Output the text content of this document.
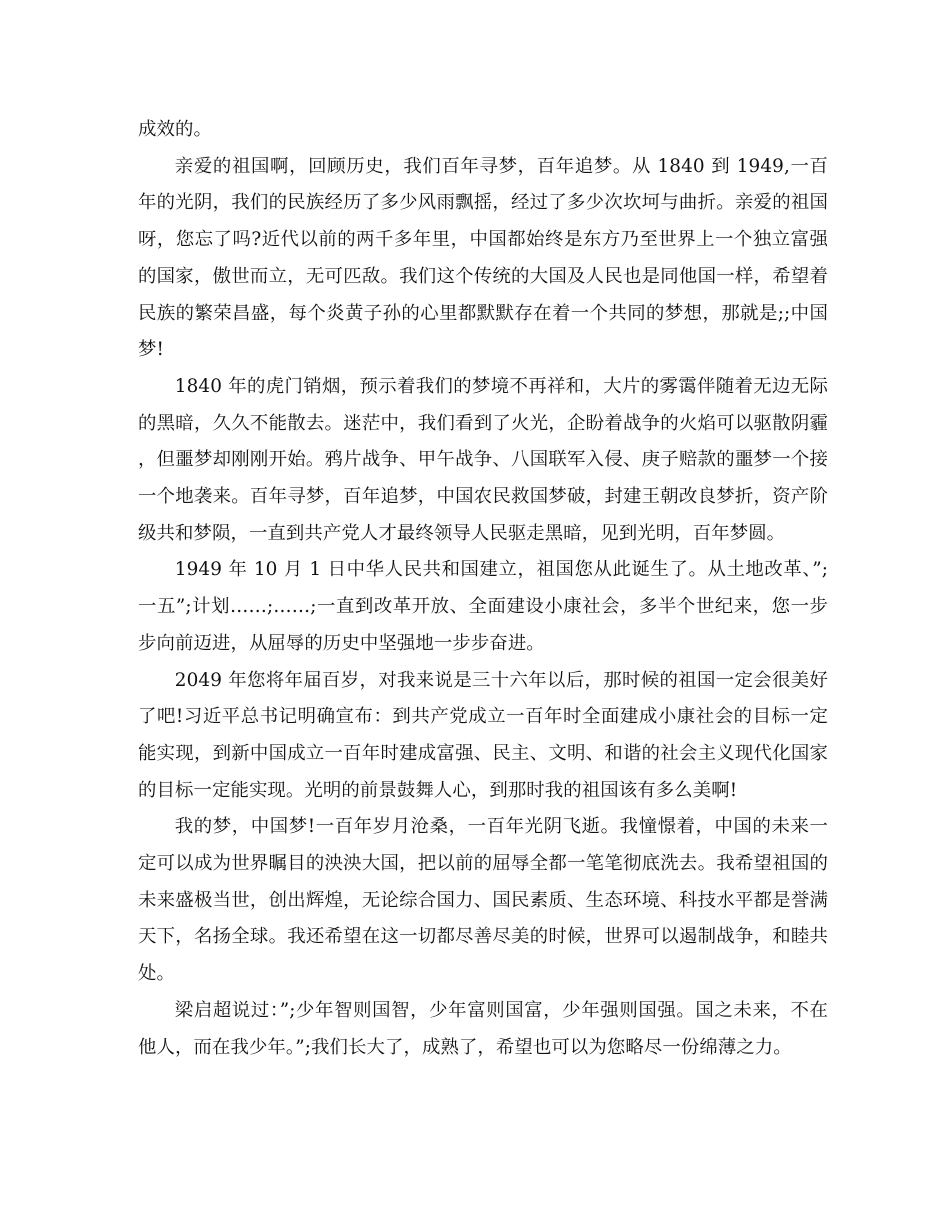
成效的。

亲爱的祖国啊，回顾历史，我们百年寻梦，百年追梦。从 1840 到 1949,一百年的光阴，我们的民族经历了多少风雨飘摇，经过了多少次坎坷与曲折。亲爱的祖国呀，您忘了吗?近代以前的两千多年里，中国都始终是东方乃至世界上一个独立富强的国家，傲世而立，无可匹敌。我们这个传统的大国及人民也是同他国一样，希望着民族的繁荣昌盛，每个炎黄子孙的心里都默默存在着一个共同的梦想，那就是;;中国梦!

1840 年的虎门销烟，预示着我们的梦境不再祥和，大片的雾霭伴随着无边无际的黑暗，久久不能散去。迷茫中，我们看到了火光，企盼着战争的火焰可以驱散阴霾，但噩梦却刚刚开始。鸦片战争、甲午战争、八国联军入侵、庚子赔款的噩梦一个接一个地袭来。百年寻梦，百年追梦，中国农民救国梦破，封建王朝改良梦折，资产阶级共和梦陨，一直到共产党人才最终领导人民驱走黑暗，见到光明，百年梦圆。

1949 年 10 月 1 日中华人民共和国建立，祖国您从此诞生了。从土地改革、”;一五”;计划……;……;一直到改革开放、全面建设小康社会，多半个世纪来，您一步步向前迈进，从屈辱的历史中坚强地一步步奋进。

2049 年您将年届百岁，对我来说是三十六年以后，那时候的祖国一定会很美好了吧!习近平总书记明确宣布：到共产党成立一百年时全面建成小康社会的目标一定能实现，到新中国成立一百年时建成富强、民主、文明、和谐的社会主义现代化国家的目标一定能实现。光明的前景鼓舞人心，到那时我的祖国该有多么美啊!

我的梦，中国梦!一百年岁月沧桑，一百年光阴飞逝。我憧憬着，中国的未来一定可以成为世界瞩目的泱泱大国，把以前的屈辱全都一笔笔彻底洗去。我希望祖国的未来盛极当世，创出辉煌，无论综合国力、国民素质、生态环境、科技水平都是誉满天下，名扬全球。我还希望在这一切都尽善尽美的时候，世界可以遏制战争，和睦共处。

梁启超说过：”;少年智则国智，少年富则国富，少年强则国强。国之未来，不在他人，而在我少年。”;我们长大了，成熟了，希望也可以为您略尽一份绵薄之力。
